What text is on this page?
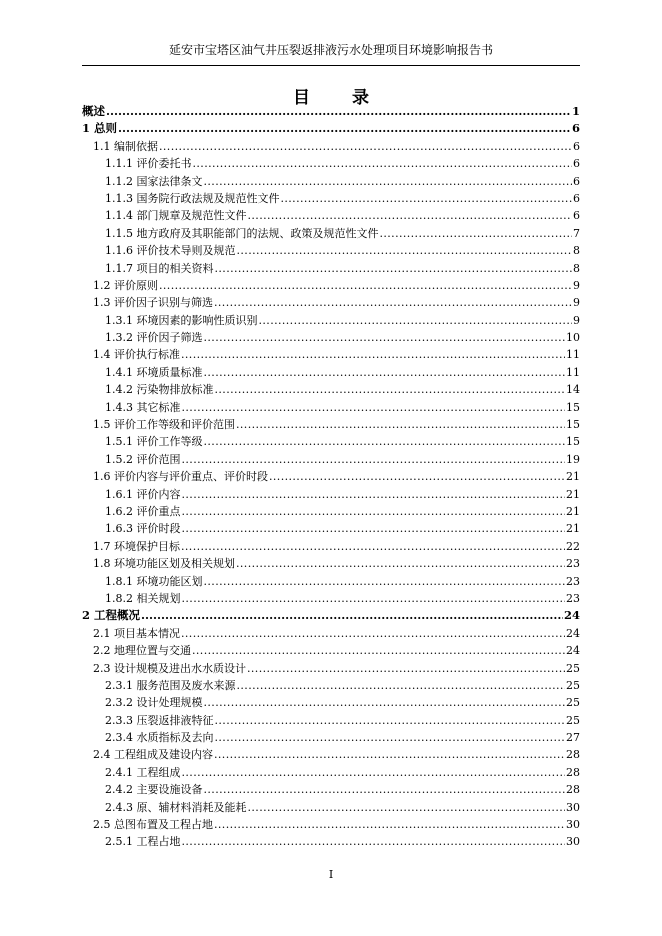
延安市宝塔区油气井压裂返排液污水处理项目环境影响报告书
目 录
概述 .....	1
1 总则 .....	6
1.1 编制依据 .....	6
1.1.1 评价委托书 .....	6
1.1.2 国家法律条文 .....	6
1.1.3 国务院行政法规及规范性文件 .....	6
1.1.4 部门规章及规范性文件 .....	6
1.1.5 地方政府及其职能部门的法规、政策及规范性文件 .....	7
1.1.6 评价技术导则及规范 .....	8
1.1.7 项目的相关资料 .....	8
1.2 评价原则 .....	9
1.3 评价因子识别与筛选 .....	9
1.3.1 环境因素的影响性质识别 .....	9
1.3.2 评价因子筛选 .....	10
1.4 评价执行标准 .....	11
1.4.1 环境质量标准 .....	11
1.4.2 污染物排放标准 .....	14
1.4.3 其它标准 .....	15
1.5 评价工作等级和评价范围 .....	15
1.5.1 评价工作等级 .....	15
1.5.2 评价范围 .....	19
1.6 评价内容与评价重点、评价时段 .....	21
1.6.1 评价内容 .....	21
1.6.2 评价重点 .....	21
1.6.3 评价时段 .....	21
1.7 环境保护目标 .....	22
1.8 环境功能区划及相关规划 .....	23
1.8.1 环境功能区划 .....	23
1.8.2 相关规划 .....	23
2 工程概况 .....	24
2.1 项目基本情况 .....	24
2.2 地理位置与交通 .....	24
2.3 设计规模及进出水水质设计 .....	25
2.3.1 服务范围及废水来源 .....	25
2.3.2 设计处理规模 .....	25
2.3.3 压裂返排液特征 .....	25
2.3.4 水质指标及去向 .....	27
2.4 工程组成及建设内容 .....	28
2.4.1 工程组成 .....	28
2.4.2 主要设施设备 .....	28
2.4.3 原、辅材料消耗及能耗 .....	30
2.5 总图布置及工程占地 .....	30
2.5.1 工程占地 .....	30
I
